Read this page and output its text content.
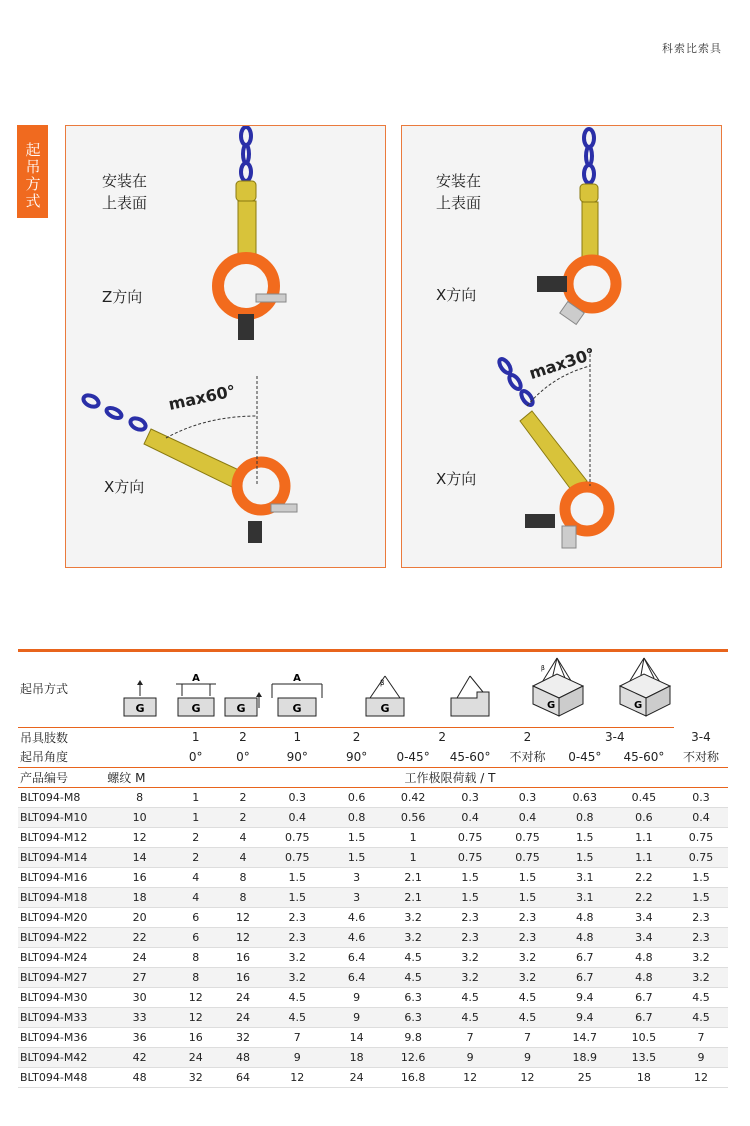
科索比索具
起吊方式	安装在
上表面
Z方向
X方向
max60°
安装在
上表面
X方向
X方向
max30°
起吊方式	G	A
G	G	A
G	β
G			β
G		G	

吊具肢数		1	2	1	2	2		2	3-4		3-4
起吊角度		0°	0°	90°	90°	0-45°	45-60°	不对称	0-45°	45-60°	不对称
产品编号	螺纹 M	工作极限荷载 / T									
BLT094-M8	8	1	2	0.3	0.6	0.42	0.3	0.3	0.63	0.45	0.3
BLT094-M10	10	1	2	0.4	0.8	0.56	0.4	0.4	0.8	0.6	0.4
BLT094-M12	12	2	4	0.75	1.5	1	0.75	0.75	1.5	1.1	0.75
BLT094-M14	14	2	4	0.75	1.5	1	0.75	0.75	1.5	1.1	0.75
BLT094-M16	16	4	8	1.5	3	2.1	1.5	1.5	3.1	2.2	1.5
BLT094-M18	18	4	8	1.5	3	2.1	1.5	1.5	3.1	2.2	1.5
BLT094-M20	20	6	12	2.3	4.6	3.2	2.3	2.3	4.8	3.4	2.3
BLT094-M22	22	6	12	2.3	4.6	3.2	2.3	2.3	4.8	3.4	2.3
BLT094-M24	24	8	16	3.2	6.4	4.5	3.2	3.2	6.7	4.8	3.2
BLT094-M27	27	8	16	3.2	6.4	4.5	3.2	3.2	6.7	4.8	3.2
BLT094-M30	30	12	24	4.5	9	6.3	4.5	4.5	9.4	6.7	4.5
BLT094-M33	33	12	24	4.5	9	6.3	4.5	4.5	9.4	6.7	4.5
BLT094-M36	36	16	32	7	14	9.8	7	7	14.7	10.5	7
BLT094-M42	42	24	48	9	18	12.6	9	9	18.9	13.5	9
BLT094-M48	48	32	64	12	24	16.8	12	12	25	18	12
